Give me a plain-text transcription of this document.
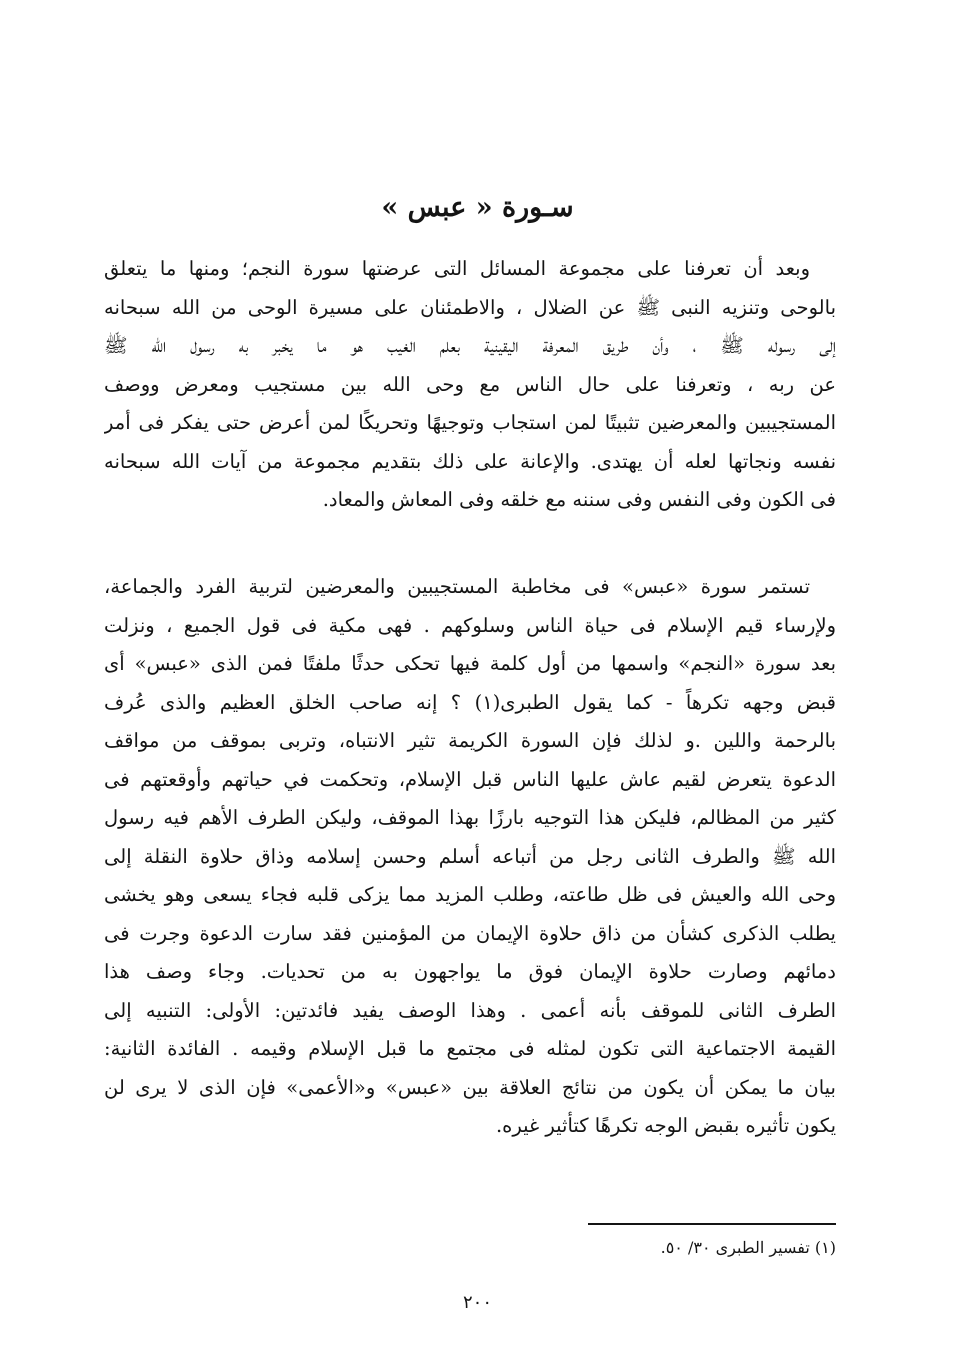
سـورة « عبس »
وبعد أن تعرفنا على مجموعة المسائل التى عرضتها سورة النجم؛ ومنها ما يتعلق
بالوحى وتنزيه النبى ﷺ عن الضلال ، والاطمئنان على مسيرة الوحى من الله سبحانه
إلى رسوله ﷺ ، وأن طريق المعرفة اليقينية بعلم الغيب هو ما يخبر به رسول الله ﷺ
عن ربه ، وتعرفنا على حال الناس مع وحى الله بين مستجيب ومعرض ووصف
المستجيبين والمعرضين تثبيتًا لمن استجاب وتوجيهًا وتحريكًا لمن أعرض حتى يفكر فى أمر
نفسه ونجاتها لعله أن يهتدى. والإعانة على ذلك بتقديم مجموعة من آيات الله سبحانه
فى الكون وفى النفس وفى سننه مع خلقه وفى المعاش والمعاد.
تستمر سورة «عبس» فى مخاطبة المستجيبين والمعرضين لتربية الفرد والجماعة،
ولإرساء قيم الإسلام فى حياة الناس وسلوكهم . فهى مكية فى قول الجميع ، ونزلت
بعد سورة «النجم» واسمها من أول كلمة فيها تحكى حدثًا ملفتًا فمن الذى «عبس» أى
قبض وجهه تكرهاً - كما يقول الطبرى(١) ؟ إنه صاحب الخلق العظيم والذى عُرف
بالرحمة واللين .و لذلك فإن السورة الكريمة تثير الانتباه، وتربى بموقف من مواقف
الدعوة يتعرض لقيم عاش عليها الناس قبل الإسلام، وتحكمت في حياتهم وأوقعتهم فى
كثير من المظالم، فليكن هذا التوجيه بارزًا بهذا الموقف، وليكن الطرف الأهم فيه رسول
الله ﷺ والطرف الثانى رجل من أتباعه أسلم وحسن إسلامه وذاق حلاوة النقلة إلى
وحى الله والعيش فى ظل طاعته، وطلب المزيد مما يزكى قلبه فجاء يسعى وهو يخشى
يطلب الذكرى كشأن من ذاق حلاوة الإيمان من المؤمنين فقد سارت الدعوة وجرت فى
دمائهم وصارت حلاوة الإيمان فوق ما يواجهون به من تحديات. وجاء وصف هذا
الطرف الثانى للموقف بأنه أعمى . وهذا الوصف يفيد فائدتين: الأولى: التنبيه إلى
القيمة الاجتماعية التى تكون لمثله فى مجتمع ما قبل الإسلام وقيمه . الفائدة الثانية:
بيان ما يمكن أن يكون من نتائج العلاقة بين «عبس» و«الأعمى» فإن الذى لا يرى لن
يكون تأثيره بقبض الوجه تكرهًا كتأثير غيره.

(١) تفسير الطبرى ٣٠/ ٥٠.

٢٠٠
